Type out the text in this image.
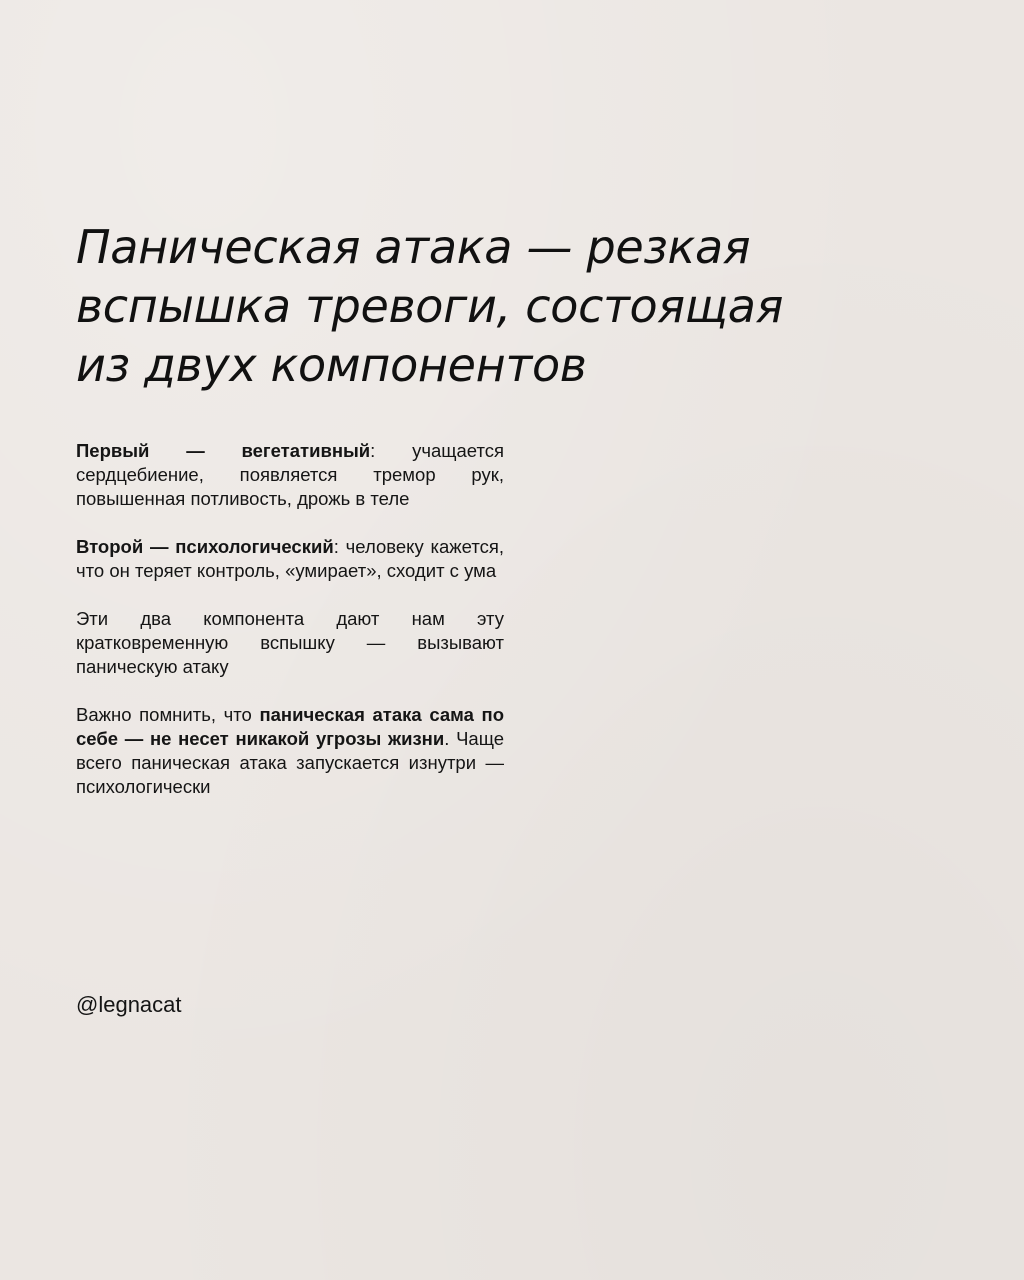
Паническая атака — резкая
вспышка тревоги, состоящая
из двух компонентов

Первый — вегетативный: учащается сердцебиение, появляется тремор рук, повышенная потливость, дрожь в теле

Второй — психологический: человеку кажется, что он теряет контроль, «умирает», сходит с ума

Эти два компонента дают нам эту кратковременную вспышку — вызывают паническую атаку

Важно помнить, что паническая атака сама по себе — не несет никакой угрозы жизни. Чаще всего паническая атака запускается изнутри — психологически

@legnacat
